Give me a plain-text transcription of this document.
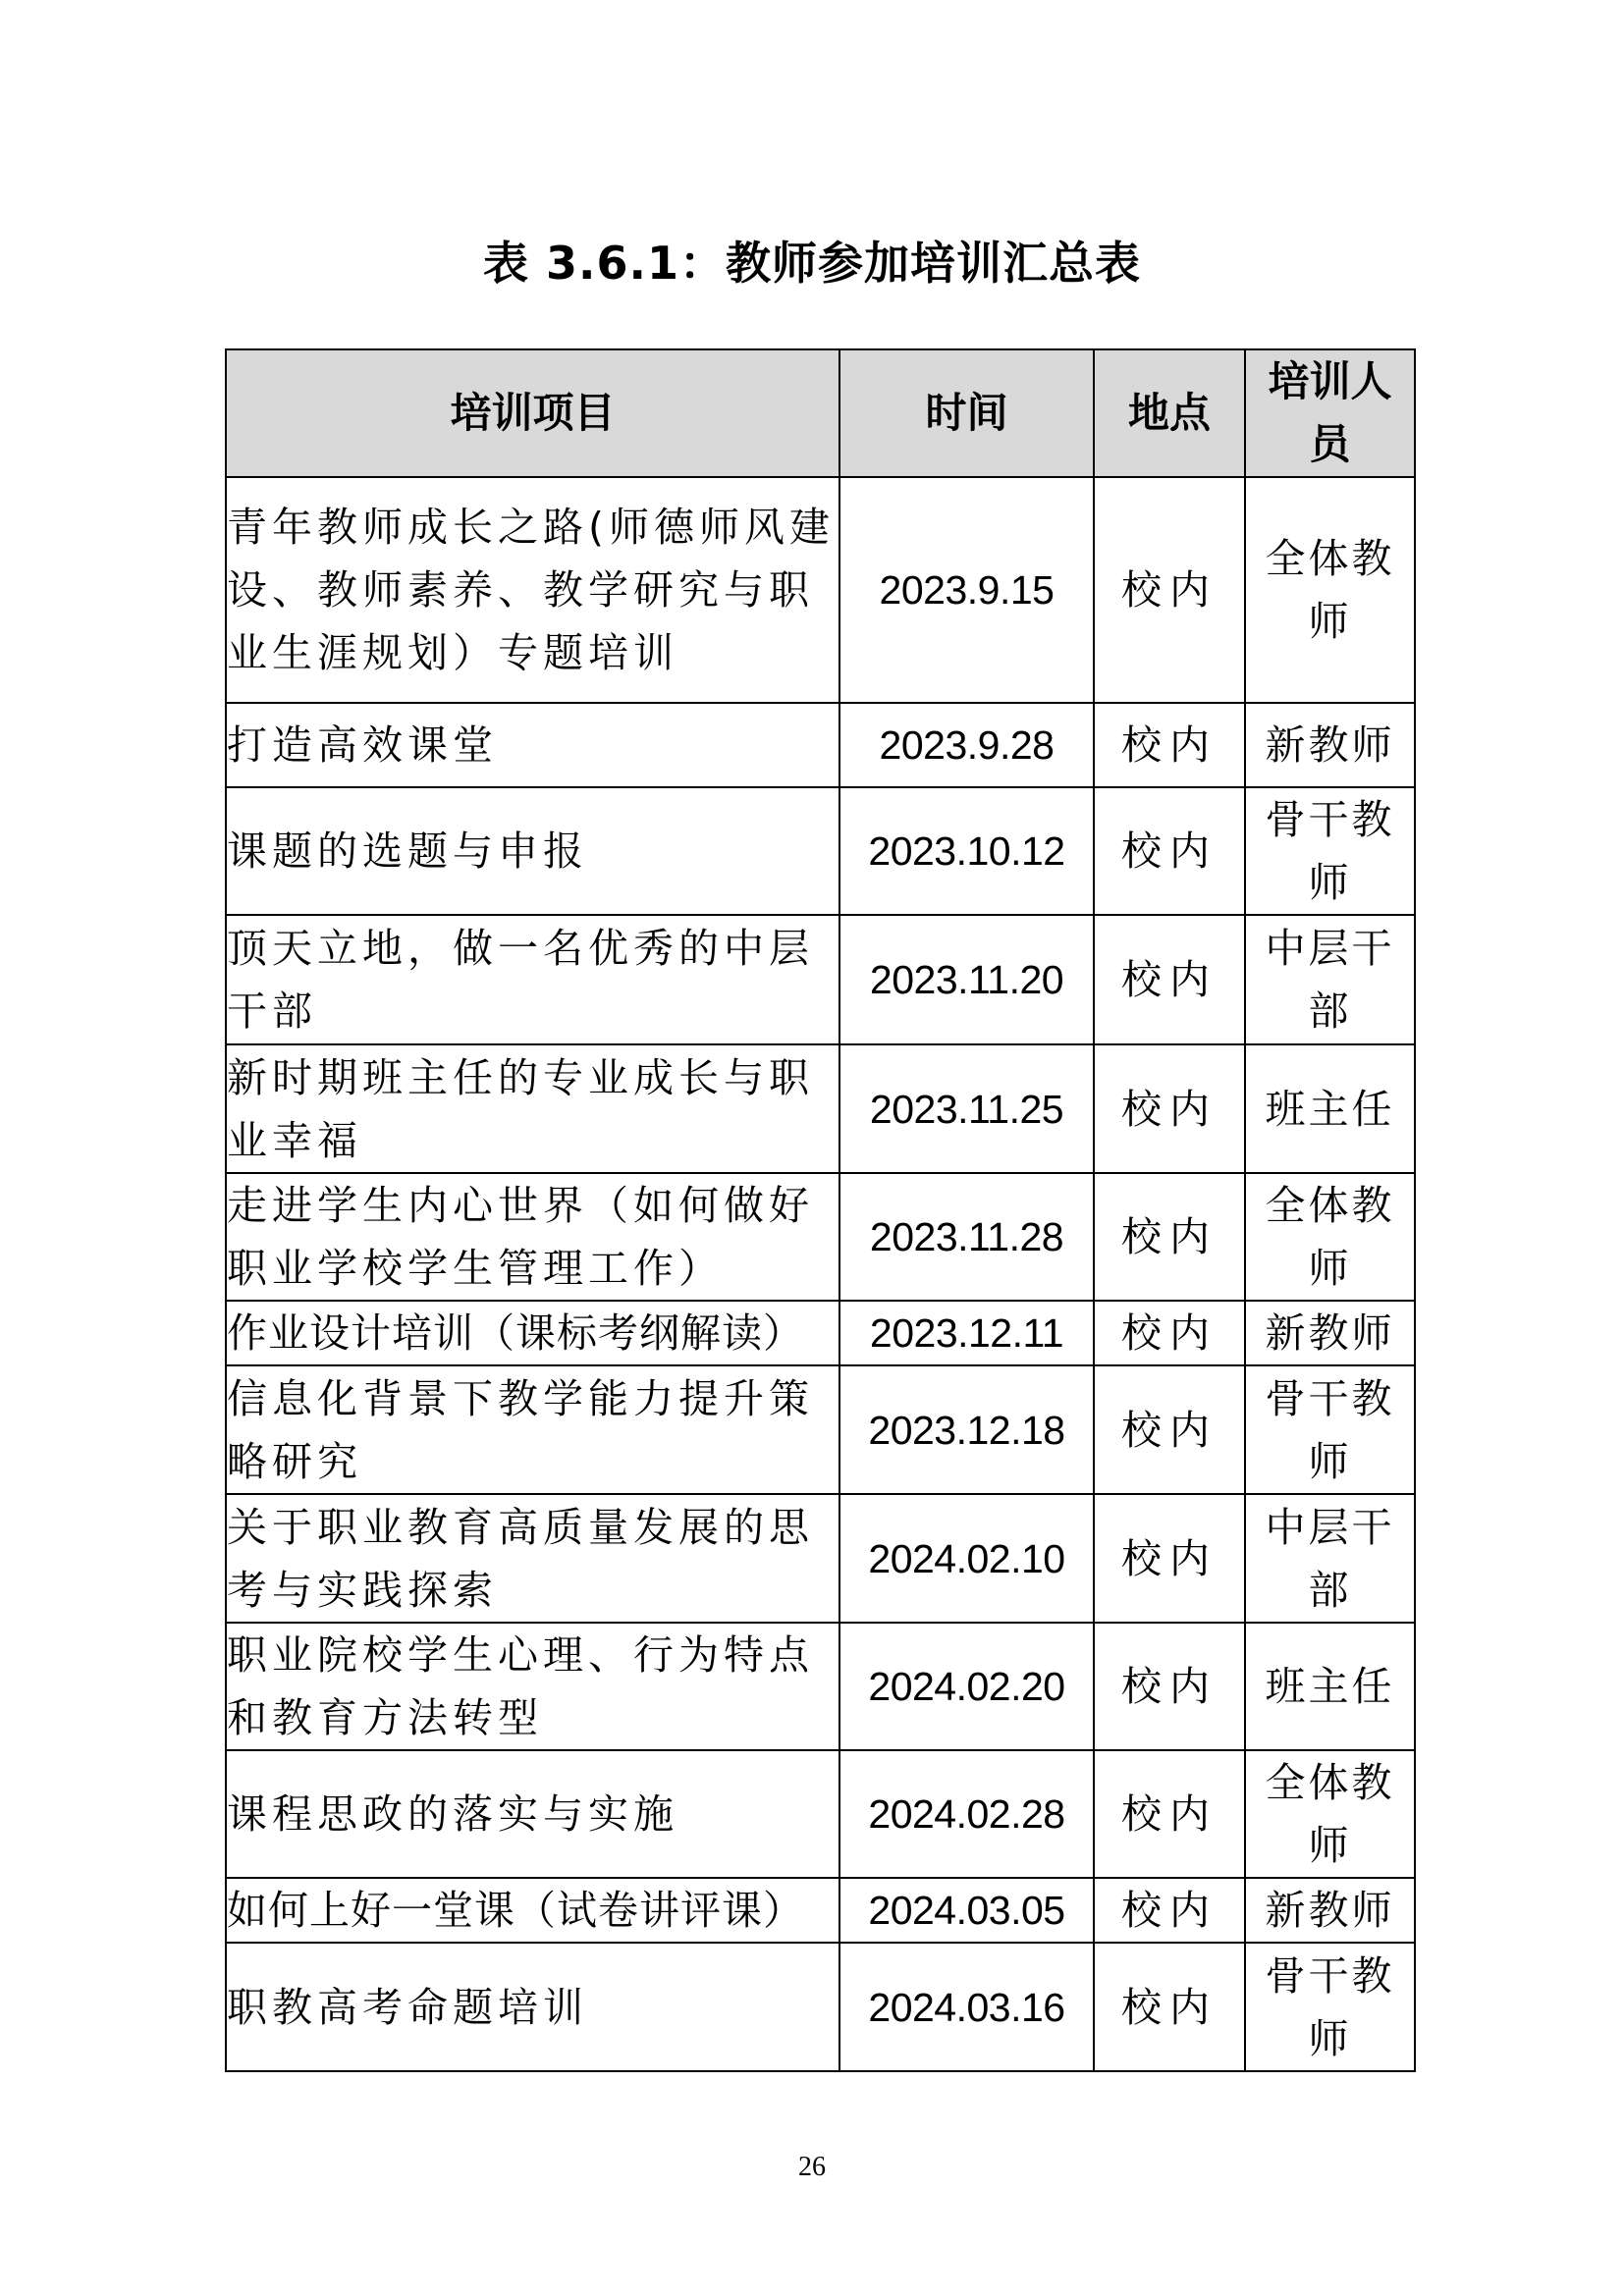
表 3.6.1：教师参加培训汇总表
培训项目	时间	地点	培训人员
青年教师成长之路(师德师风建设、教师素养、教学研究与职业生涯规划）专题培训	2023.9.15	校内	全体教师
打造高效课堂	2023.9.28	校内	新教师
课题的选题与申报	2023.10.12	校内	骨干教师
顶天立地，做一名优秀的中层干部	2023.11.20	校内	中层干部
新时期班主任的专业成长与职业幸福	2023.11.25	校内	班主任
走进学生内心世界（如何做好职业学校学生管理工作）	2023.11.28	校内	全体教师
作业设计培训（课标考纲解读）	2023.12.11	校内	新教师
信息化背景下教学能力提升策略研究	2023.12.18	校内	骨干教师
关于职业教育高质量发展的思考与实践探索	2024.02.10	校内	中层干部
职业院校学生心理、行为特点和教育方法转型	2024.02.20	校内	班主任
课程思政的落实与实施	2024.02.28	校内	全体教师
如何上好一堂课（试卷讲评课）	2024.03.05	校内	新教师
职教高考命题培训	2024.03.16	校内	骨干教师
26
